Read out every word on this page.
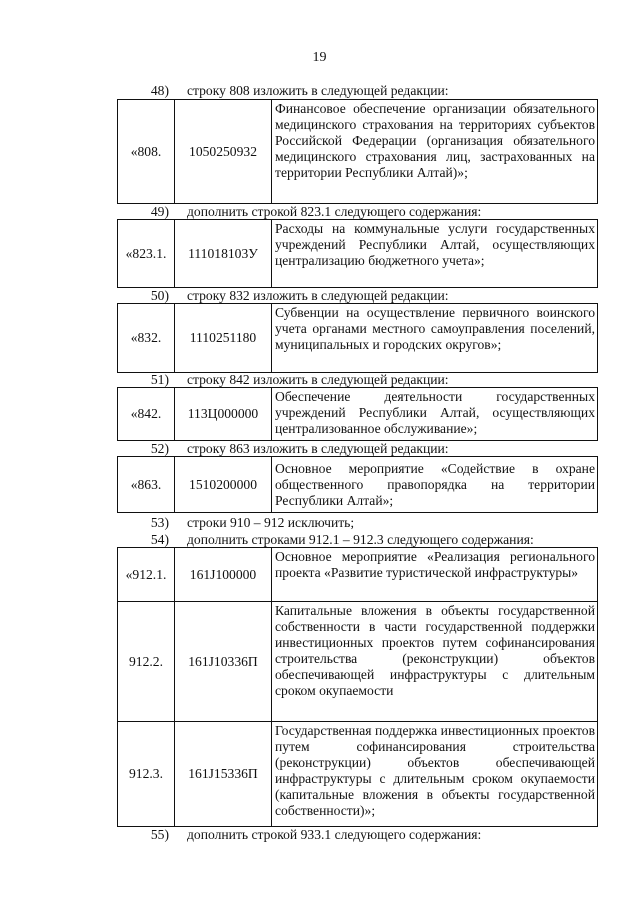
19
48) строку 808 изложить в следующей редакции:
«808.	1050250932	Финансовое обеспечение организации обязательного медицинского страхования на территориях субъектов Российской Федерации (организация обязательного медицинского страхования лиц, застрахованных на территории Республики Алтай)»;
49) дополнить строкой 823.1 следующего содержания:
«823.1.	111018103У	Расходы на коммунальные услуги государственных учреждений Республики Алтай, осуществляющих централизацию бюджетного учета»;
50) строку 832 изложить в следующей редакции:
«832.	1110251180	Субвенции на осуществление первичного воинского учета органами местного самоуправления поселений, муниципальных и городских округов»;
51) строку 842 изложить в следующей редакции:
«842.	113Ц000000	Обеспечение деятельности государственных учреждений Республики Алтай, осуществляющих централизованное обслуживание»;
52) строку 863 изложить в следующей редакции:
«863.	1510200000	Основное мероприятие «Содействие в охране общественного правопорядка на территории Республики Алтай»;
53) строки 910 – 912 исключить;
54) дополнить строками 912.1 – 912.3 следующего содержания:
«912.1.	161J100000	Основное мероприятие «Реализация регионального проекта «Развитие туристической инфраструктуры»
912.2.	161J10336П	Капитальные вложения в объекты государственной собственности в части государственной поддержки инвестиционных проектов путем софинансирования строительства (реконструкции) объектов обеспечивающей инфраструктуры с длительным сроком окупаемости
912.3.	161J15336П	Государственная поддержка инвестиционных проектов путем софинансирования строительства (реконструкции) объектов обеспечивающей инфраструктуры с длительным сроком окупаемости (капитальные вложения в объекты государственной собственности)»;
55) дополнить строкой 933.1 следующего содержания:
